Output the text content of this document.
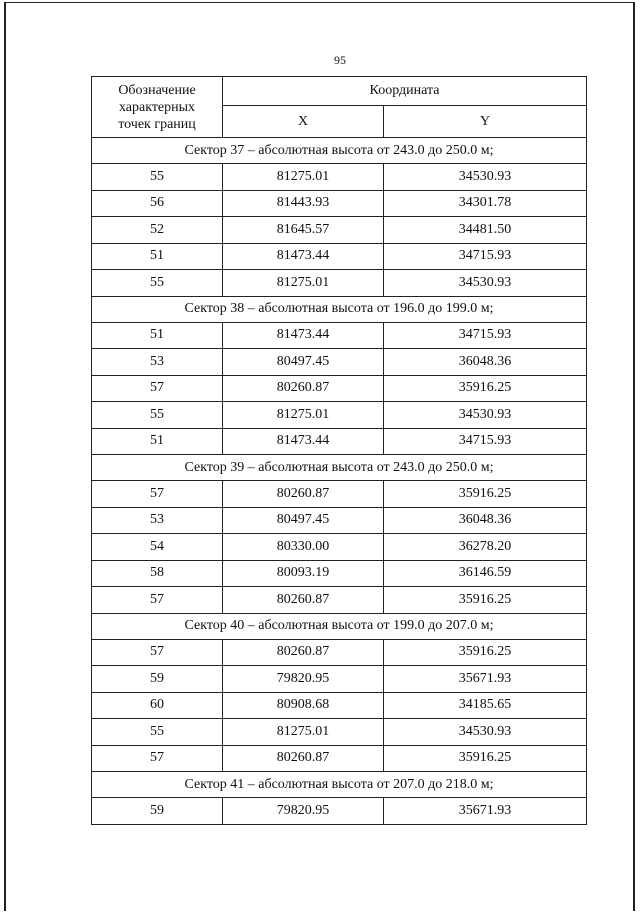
95
Обозначение
характерных
точек границ	Координата	
	X	Y
Сектор 37 – абсолютная высота от 243.0 до 250.0 м;		
55	81275.01	34530.93
56	81443.93	34301.78
52	81645.57	34481.50
51	81473.44	34715.93
55	81275.01	34530.93
Сектор 38 – абсолютная высота от 196.0 до 199.0 м;		
51	81473.44	34715.93
53	80497.45	36048.36
57	80260.87	35916.25
55	81275.01	34530.93
51	81473.44	34715.93
Сектор 39 – абсолютная высота от 243.0 до 250.0 м;		
57	80260.87	35916.25
53	80497.45	36048.36
54	80330.00	36278.20
58	80093.19	36146.59
57	80260.87	35916.25
Сектор 40 – абсолютная высота от 199.0 до 207.0 м;		
57	80260.87	35916.25
59	79820.95	35671.93
60	80908.68	34185.65
55	81275.01	34530.93
57	80260.87	35916.25
Сектор 41 – абсолютная высота от 207.0 до 218.0 м;		
59	79820.95	35671.93
